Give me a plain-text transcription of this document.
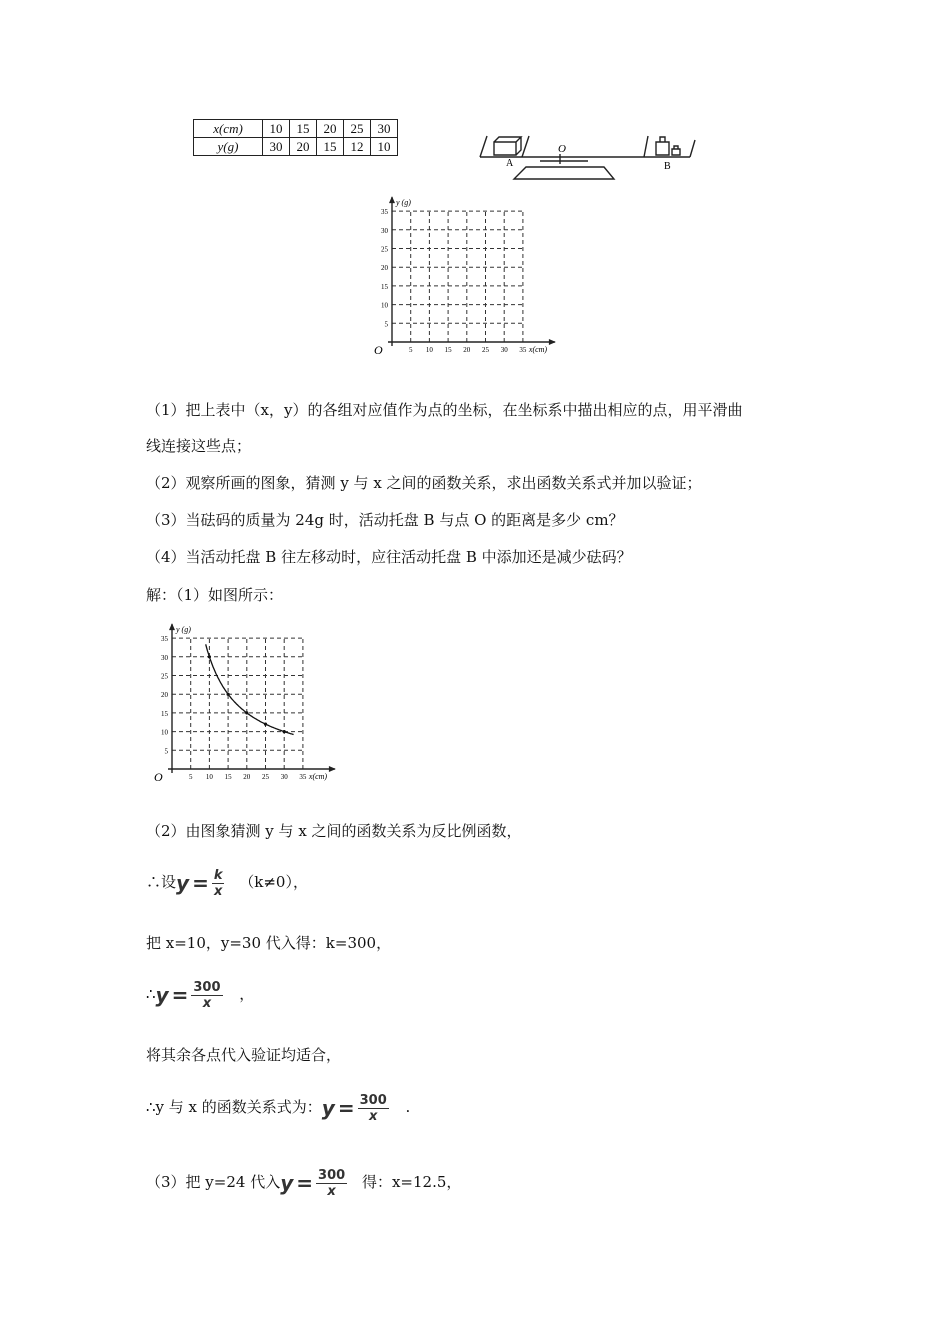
x(cm)	10	15	20	25	30
y(g)	30	20	15	12	10
A
O
B
y (g)
x(cm)
O
35
30
25
20
15
10
5
5 10 15 20 25 30 35
（1）把上表中（x，y）的各组对应值作为点的坐标，在坐标系中描出相应的点，用平滑曲
线连接这些点；
（2）观察所画的图象，猜测 y 与 x 之间的函数关系，求出函数关系式并加以验证；
（3）当砝码的质量为 24g 时，活动托盘 B 与点 O 的距离是多少 cm？
（4）当活动托盘 B 往左移动时，应往活动托盘 B 中添加还是减少砝码？
解：（1）如图所示：
y (g)
x(cm)
O
35
30
25
20
15
10
5
5 10 15 20 25 30 35
（2）由图象猜测 y 与 x 之间的函数关系为反比例函数，
∴设$y = \frac{k}{x} (k\ne 0)$，
把 x=10，y=30 代入得：k=300，
∴y = $\frac{300}{x}$ ，
将其余各点代入验证均适合，
∴y 与 x 的函数关系式为：$y = \frac{300}{x}$ .
（3）把 y=24 代入$y = \frac{300}{x}$ 得：x=12.5，
